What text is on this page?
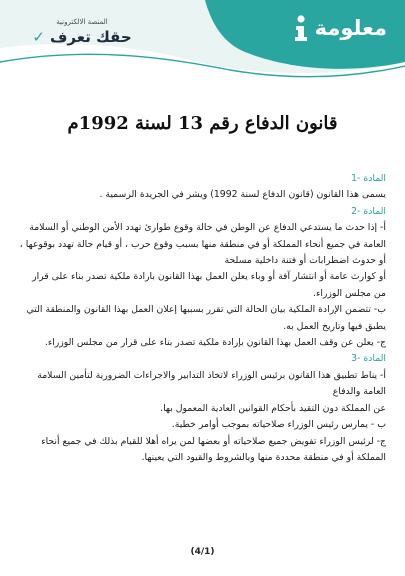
المنصة الالكترونية
حقك تعرف ✓	معلومة
قانون الدفاع رقم 13 لسنة 1992م
المادة -1
يسمى هذا القانون (قانون الدفاع لسنة 1992) ويشر في الجريدة الرسمية .
المادة -2
أ- إذا حدث ما يستدعي الدفاع عن الوطن في حالة وقوع طوارئ تهدد الأمن الوطني أو السلامة
العامة في جميع أنحاء المملكة أو في منطقة منها بسبب وقوع حرب ، أو قيام حالة تهدد بوقوعها ،
أو حدوث اضطرابات أو فتنة داخلية مسلحة
أو كوارث عامة أو انتشار آفة أو وباء يعلن العمل بهذا القانون بارادة ملكية تصدر بناء على قرار
من مجلس الوزراء.
ب- تتضمن الإرادة الملكية بيان الحالة التي تقرر بسببها إعلان العمل بهذا القانون والمنطقة التي
يطبق فيها وتاريخ العمل به.
ج- يعلن عن وقف العمل بهذا القانون بإرادة ملكية تصدر بناء على قرار من مجلس الوزراء.
المادة -3
أ- يناط تطبيق هذا القانون برئيس الوزراء لاتخاذ التدابير والاجراءات الضرورية لتأمين السلامة
العامة والدفاع
عن المملكة دون التقيد بأحكام القوانين العادية المعمول بها.
ب - يمارس رئيس الوزراء صلاحياته بموجب أوامر خطية.
ج- لرئيس الوزراء تفويض جميع صلاحياته أو بعضها لمن يراه أهلا للقيام بذلك في جميع أنحاء
المملكة أو في منطقة محددة منها وبالشروط والقيود التي يعينها.
(4/1)
